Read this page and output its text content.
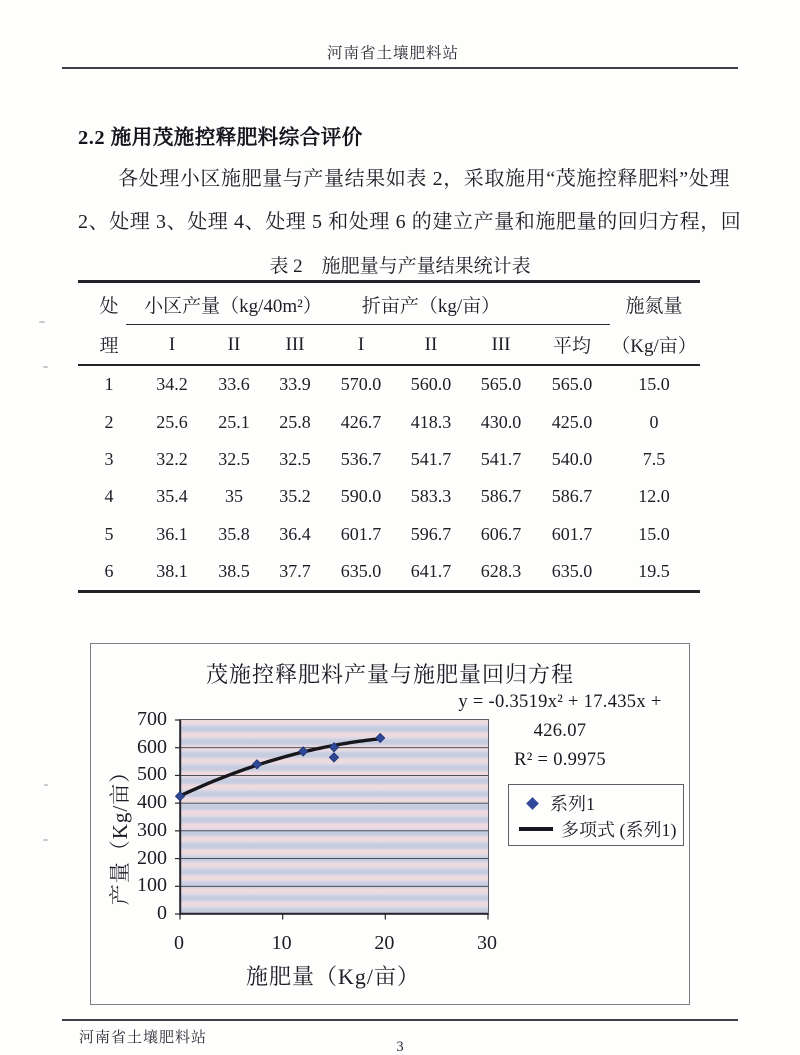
河南省土壤肥料站
2.2 施用茂施控释肥料综合评价
各处理小区施肥量与产量结果如表 2，采取施用“茂施控释肥料”处理
2、处理 3、处理 4、处理 5 和处理 6 的建立产量和施肥量的回归方程，回
表 2　施肥量与产量结果统计表
处	小区产量（kg/40m²）	折亩产（kg/亩）	施氮量
理	I	II	III	I	II	III	平均	（Kg/亩）
1	34.2	33.6	33.9	570.0	560.0	565.0	565.0	15.0
2	25.6	25.1	25.8	426.7	418.3	430.0	425.0	0
3	32.2	32.5	32.5	536.7	541.7	541.7	540.0	7.5
4	35.4	35	35.2	590.0	583.3	586.7	586.7	12.0
5	36.1	35.8	36.4	601.7	596.7	606.7	601.7	15.0
6	38.1	38.5	37.7	635.0	641.7	628.3	635.0	19.5
茂施控释肥料产量与施肥量回归方程
y = -0.3519x² + 17.435x +
426.07
R² = 0.9975
产量（Kg/亩）
施肥量（Kg/亩）
系列1
多项式 (系列1)
0
100
200
300
400
500
600
700
0	10	20	30
河南省土壤肥料站
3
